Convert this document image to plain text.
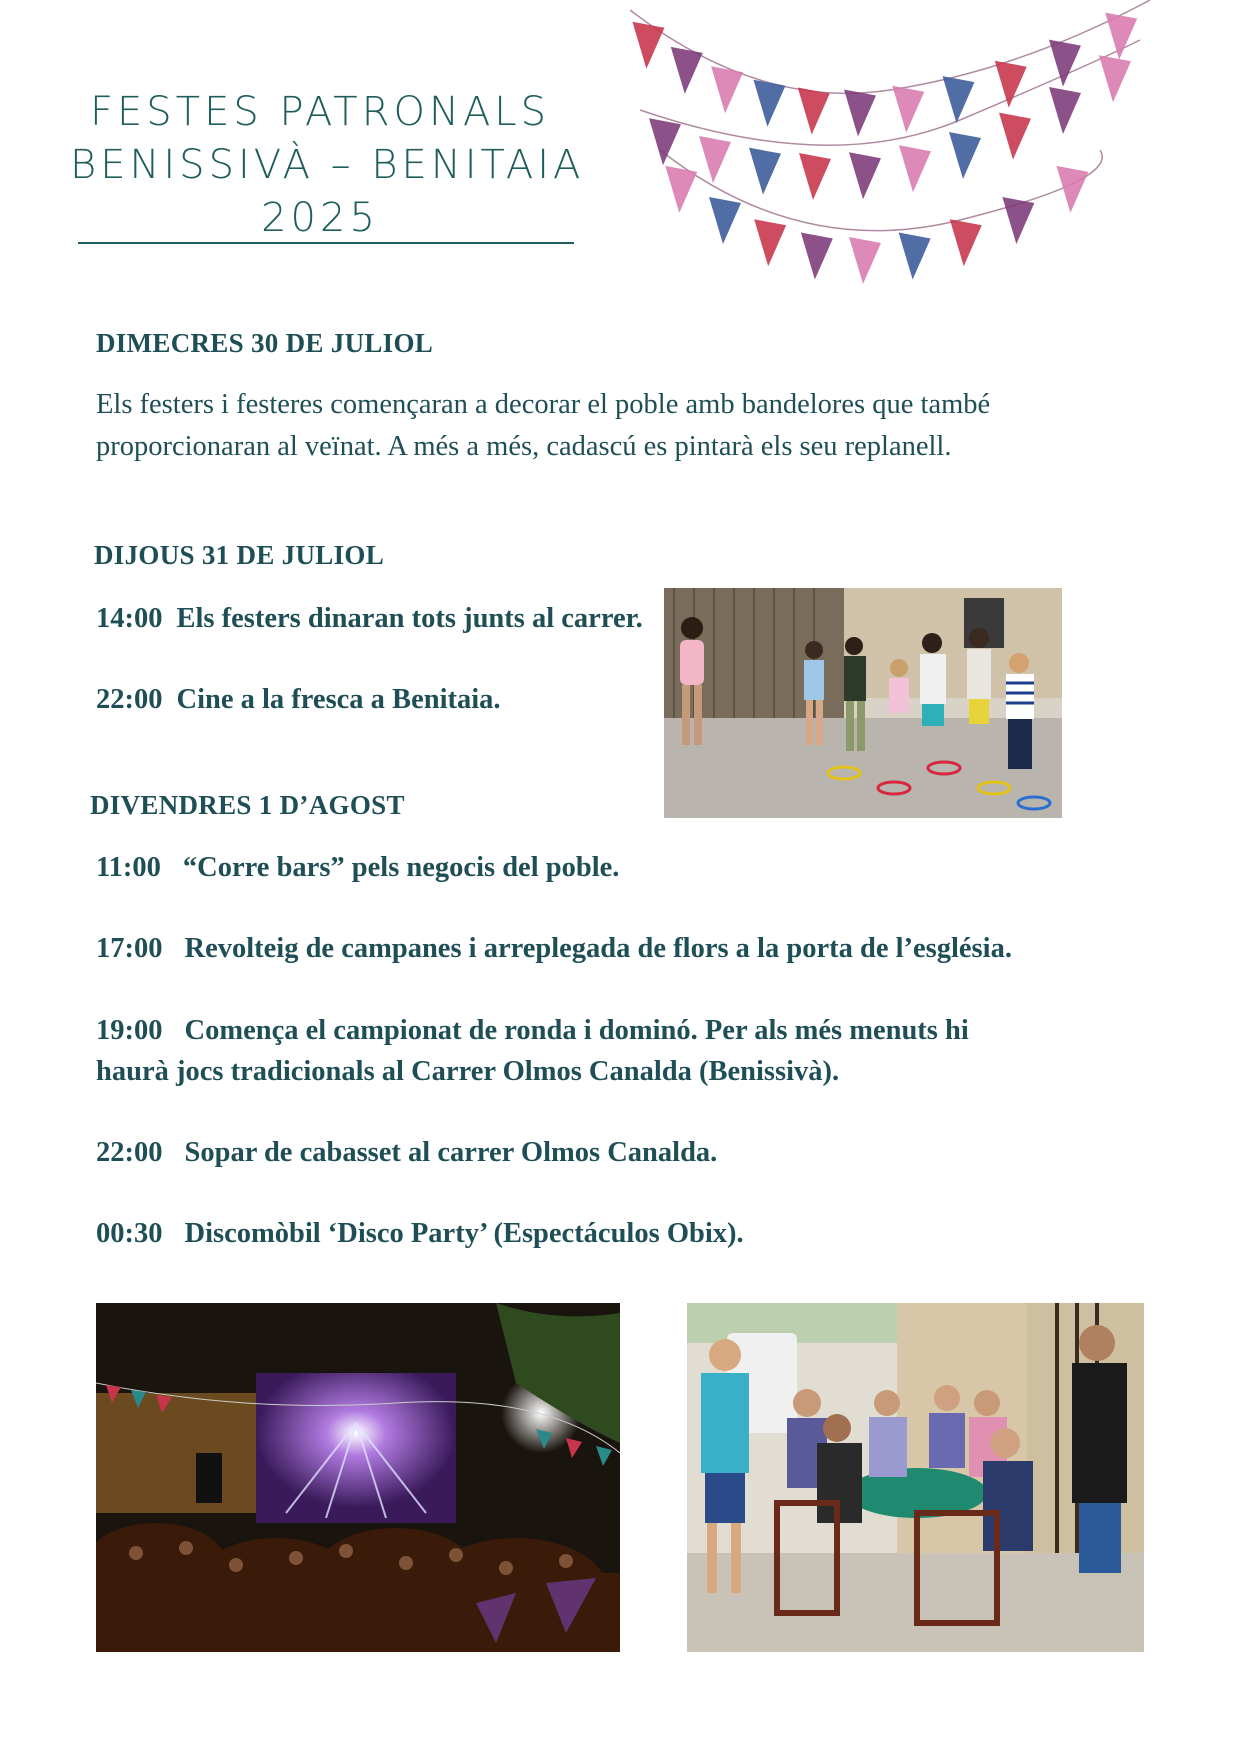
FESTES PATRONALS
BENISSIVÀ – BENITAIA
2025
DIMECRES 30 DE JULIOL
Els festers i festeres començaran a decorar el poble amb bandelores que també
proporcionaran al veïnat. A més a més, cadascú es pintarà els seu replanell.
DIJOUS 31 DE JULIOL
14:00 Els festers dinaran tots junts al carrer.
22:00 Cine a la fresca a Benitaia.
DIVENDRES 1 D’AGOST
11:00 “Corre bars” pels negocis del poble.
17:00 Revolteig de campanes i arreplegada de flors a la porta de l’església.
19:00 Comença el campionat de ronda i dominó. Per als més menuts hi
haurà jocs tradicionals al Carrer Olmos Canalda (Benissivà).
22:00 Sopar de cabasset al carrer Olmos Canalda.
00:30 Discomòbil ‘Disco Party’ (Espectáculos Obix).
